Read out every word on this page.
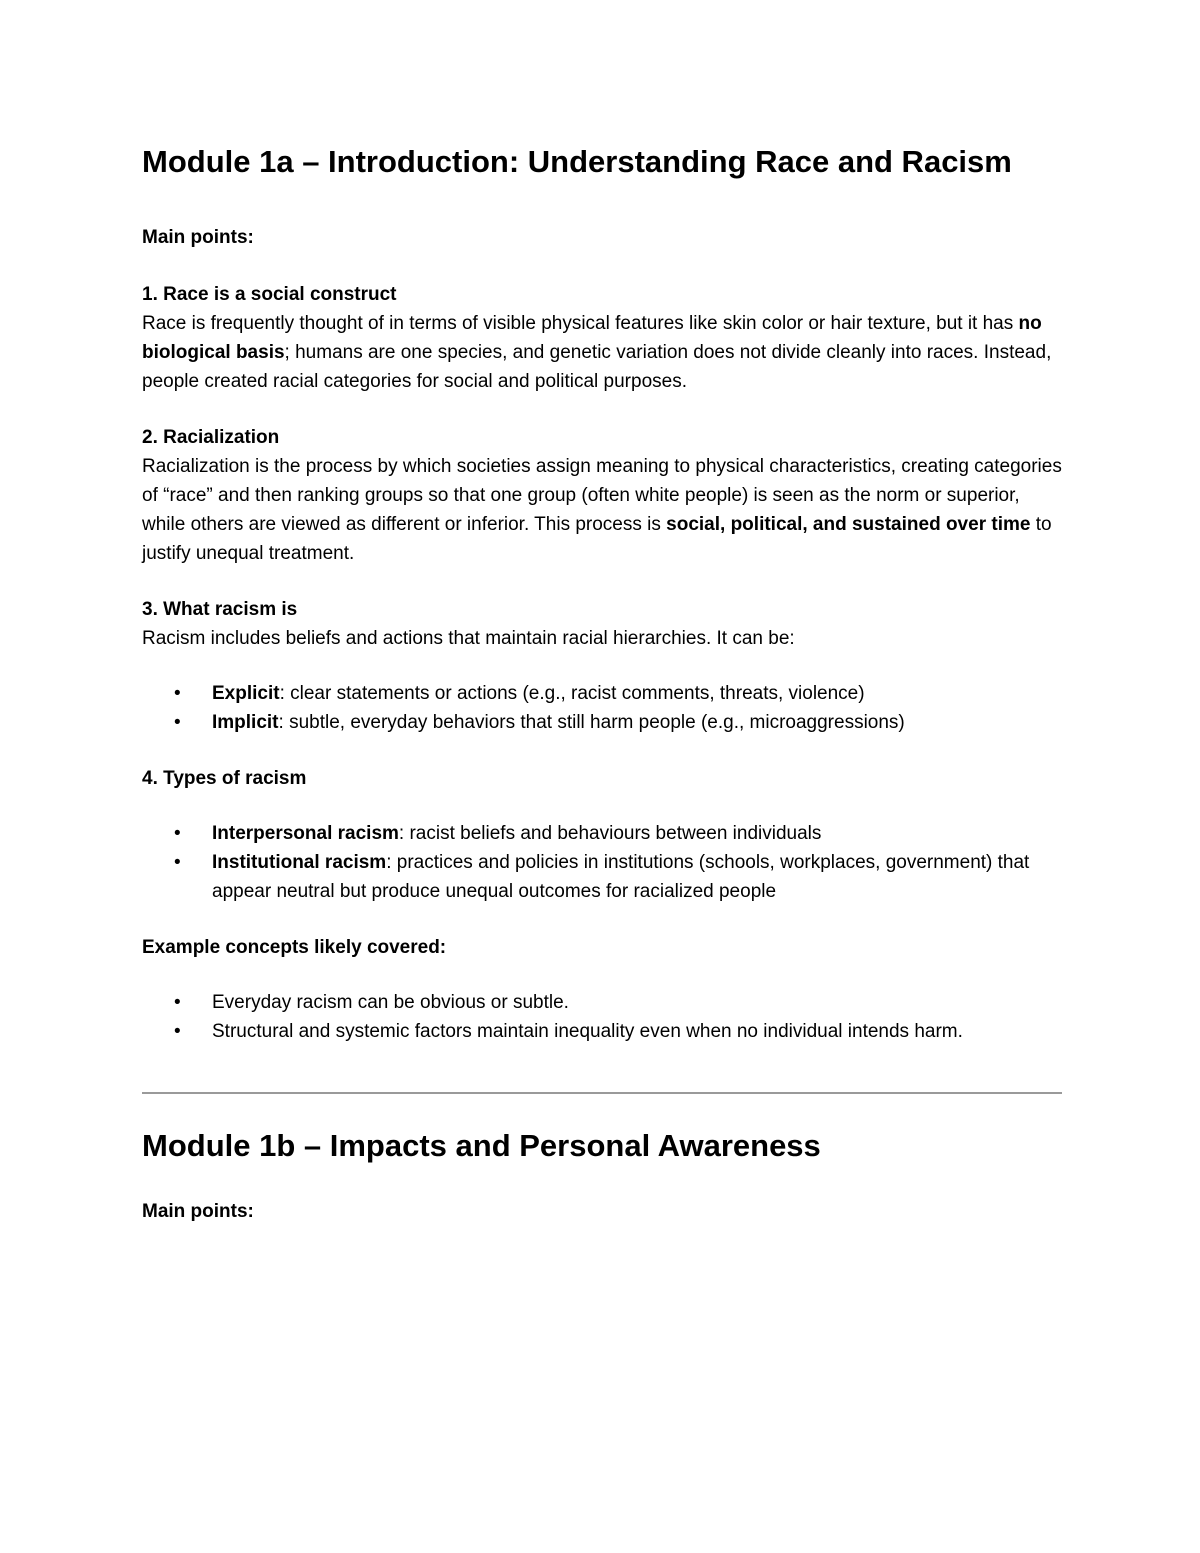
Module 1a – Introduction: Understanding Race and Racism

Main points:

1. Race is a social construct

Race is frequently thought of in terms of visible physical features like skin color or hair texture, but it has no biological basis; humans are one species, and genetic variation does not divide cleanly into races. Instead, people created racial categories for social and political purposes.

2. Racialization

Racialization is the process by which societies assign meaning to physical characteristics, creating categories of “race” and then ranking groups so that one group (often white people) is seen as the norm or superior, while others are viewed as different or inferior. This process is social, political, and sustained over time to justify unequal treatment.

3. What racism is

Racism includes beliefs and actions that maintain racial hierarchies. It can be:

• Explicit: clear statements or actions (e.g., racist comments, threats, violence)
• Implicit: subtle, everyday behaviors that still harm people (e.g., microaggressions)

4. Types of racism

• Interpersonal racism: racist beliefs and behaviours between individuals
• Institutional racism: practices and policies in institutions (schools, workplaces, government) that appear neutral but produce unequal outcomes for racialized people

Example concepts likely covered:

• Everyday racism can be obvious or subtle.
• Structural and systemic factors maintain inequality even when no individual intends harm.
Module 1b – Impacts and Personal Awareness

Main points:
